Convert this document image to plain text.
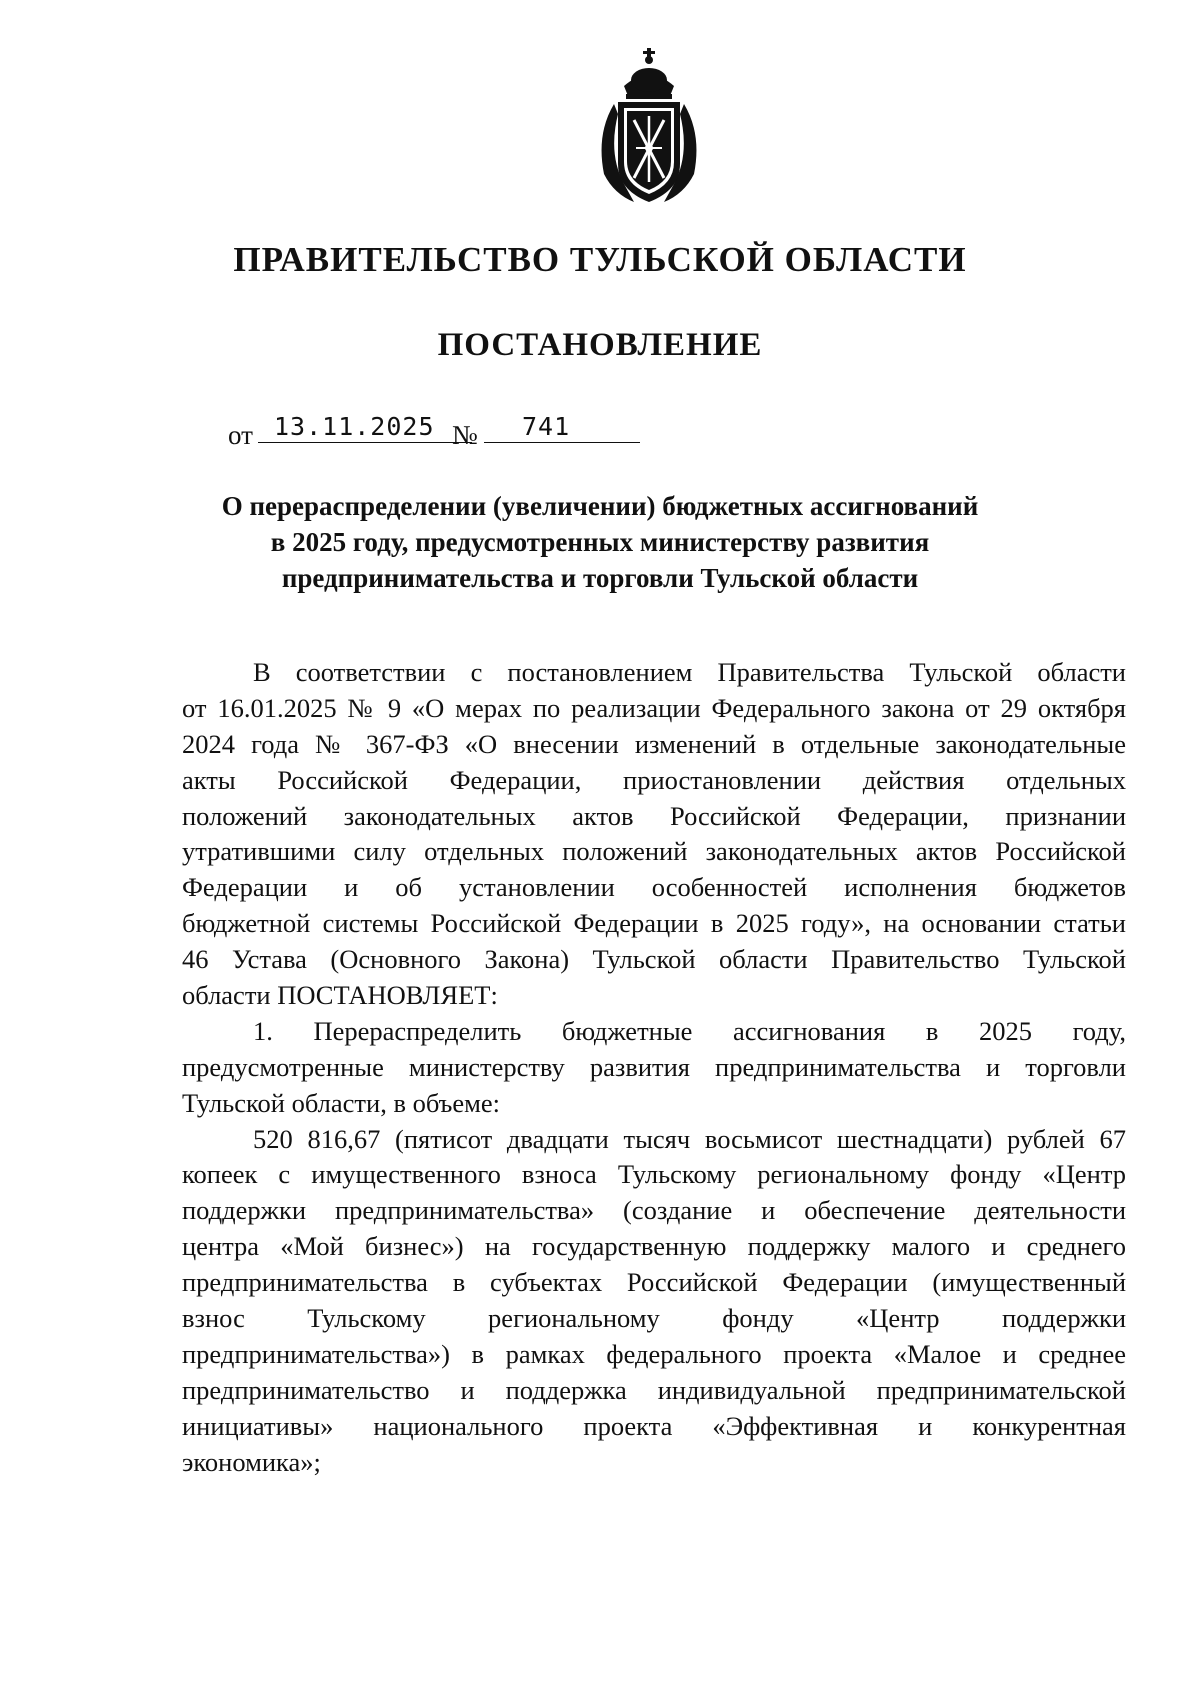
ПРАВИТЕЛЬСТВО ТУЛЬСКОЙ ОБЛАСТИ
ПОСТАНОВЛЕНИЕ
от 13.11.2025 № 741

О перераспределении (увеличении) бюджетных ассигнований
в 2025 году, предусмотренных министерству развития
предпринимательства и торговли Тульской области

В соответствии с постановлением Правительства Тульской области
от 16.01.2025 № 9 «О мерах по реализации Федерального закона от 29 октября
2024 года № 367-ФЗ «О внесении изменений в отдельные законодательные
акты Российской Федерации, приостановлении действия отдельных
положений законодательных актов Российской Федерации, признании
утратившими силу отдельных положений законодательных актов Российской
Федерации и об установлении особенностей исполнения бюджетов
бюджетной системы Российской Федерации в 2025 году», на основании статьи
46 Устава (Основного Закона) Тульской области Правительство Тульской
области ПОСТАНОВЛЯЕТ:
1. Перераспределить бюджетные ассигнования в 2025 году,
предусмотренные министерству развития предпринимательства и торговли
Тульской области, в объеме:
520 816,67 (пятисот двадцати тысяч восьмисот шестнадцати) рублей 67
копеек с имущественного взноса Тульскому региональному фонду «Центр
поддержки предпринимательства» (создание и обеспечение деятельности
центра «Мой бизнес») на государственную поддержку малого и среднего
предпринимательства в субъектах Российской Федерации (имущественный
взнос Тульскому региональному фонду «Центр поддержки
предпринимательства») в рамках федерального проекта «Малое и среднее
предпринимательство и поддержка индивидуальной предпринимательской
инициативы» национального проекта «Эффективная и конкурентная
экономика»;
